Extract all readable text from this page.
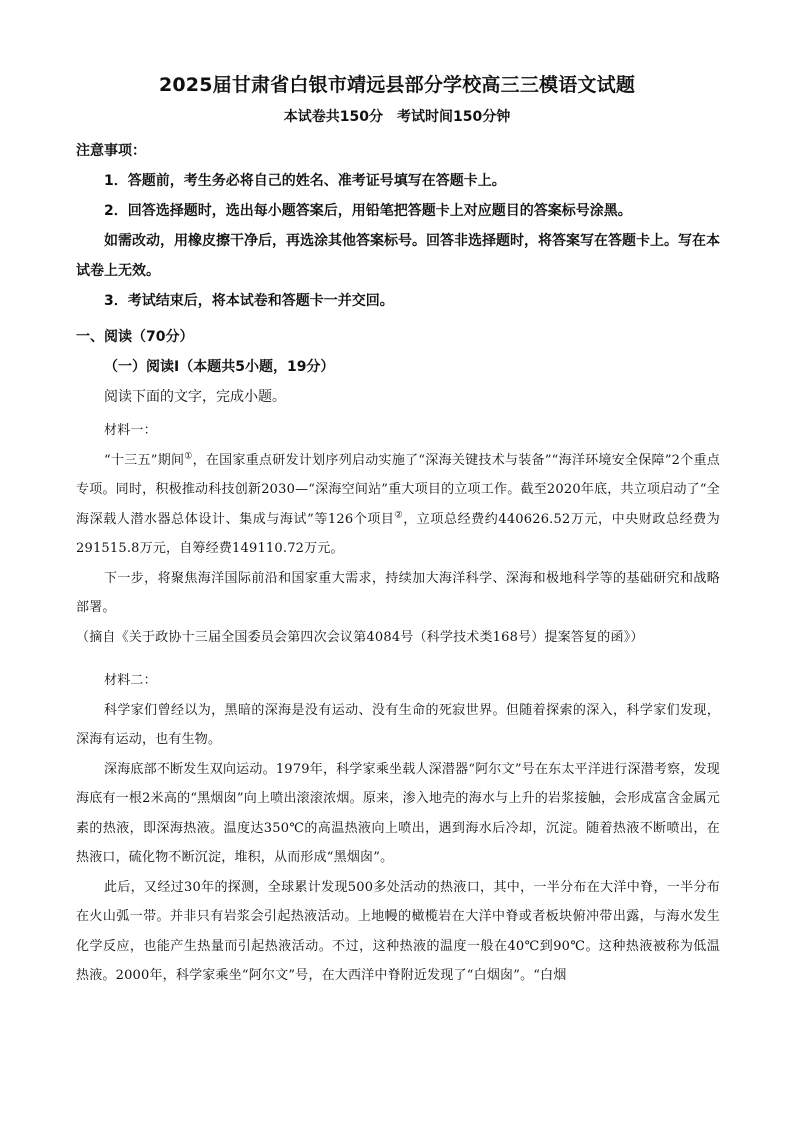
2025届甘肃省白银市靖远县部分学校高三三模语文试题
本试卷共150分　考试时间150分钟

注意事项：

1．答题前，考生务必将自己的姓名、准考证号填写在答题卡上。

2．回答选择题时，选出每小题答案后，用铅笔把答题卡上对应题目的答案标号涂黑。

如需改动，用橡皮擦干净后，再选涂其他答案标号。回答非选择题时，将答案写在答题卡上。写在本试卷上无效。

3．考试结束后，将本试卷和答题卡一并交回。

一、阅读（70分）

（一）阅读Ⅰ（本题共5小题，19分）

阅读下面的文字，完成小题。

材料一：

“十三五”期间①，在国家重点研发计划序列启动实施了“深海关键技术与装备”“海洋环境安全保障”2个重点专项。同时，积极推动科技创新2030—“深海空间站”重大项目的立项工作。截至2020年底，共立项启动了“全海深载人潜水器总体设计、集成与海试”等126个项目②，立项总经费约440626.52万元，中央财政总经费为291515.8万元，自筹经费149110.72万元。

下一步，将聚焦海洋国际前沿和国家重大需求，持续加大海洋科学、深海和极地科学等的基础研究和战略部署。

（摘自《关于政协十三届全国委员会第四次会议第4084号（科学技术类168号）提案答复的函》）

材料二：

科学家们曾经以为，黑暗的深海是没有运动、没有生命的死寂世界。但随着探索的深入，科学家们发现，深海有运动，也有生物。

深海底部不断发生双向运动。1979年，科学家乘坐载人深潜器“阿尔文”号在东太平洋进行深潜考察，发现海底有一根2米高的“黑烟囱”向上喷出滚滚浓烟。原来，渗入地壳的海水与上升的岩浆接触，会形成富含金属元素的热液，即深海热液。温度达350℃的高温热液向上喷出，遇到海水后冷却，沉淀。随着热液不断喷出，在热液口，硫化物不断沉淀，堆积，从而形成“黑烟囱”。

此后，又经过30年的探测，全球累计发现500多处活动的热液口，其中，一半分布在大洋中脊，一半分布在火山弧一带。并非只有岩浆会引起热液活动。上地幔的橄榄岩在大洋中脊或者板块俯冲带出露，与海水发生化学反应，也能产生热量而引起热液活动。不过，这种热液的温度一般在40℃到90℃。这种热液被称为低温热液。2000年，科学家乘坐“阿尔文”号，在大西洋中脊附近发现了“白烟囱”。“白烟
